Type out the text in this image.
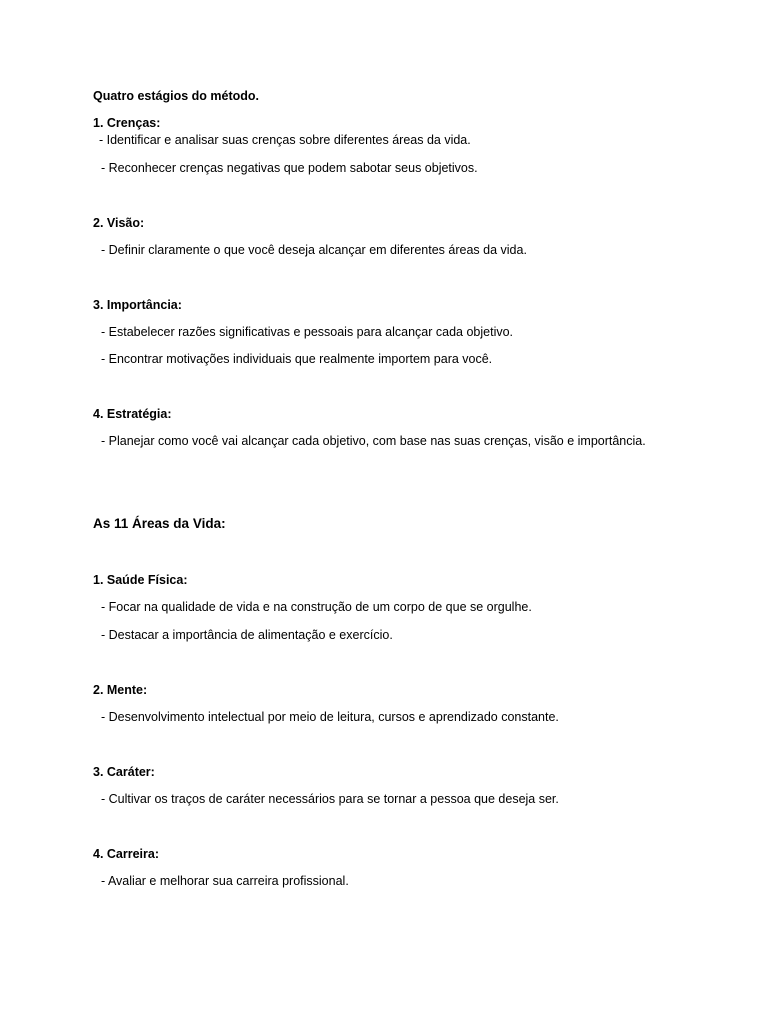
Quatro estágios do método.
1. Crenças:
- Identificar e analisar suas crenças sobre diferentes áreas da vida.
- Reconhecer crenças negativas que podem sabotar seus objetivos.
2. Visão:
- Definir claramente o que você deseja alcançar em diferentes áreas da vida.
3. Importância:
- Estabelecer razões significativas e pessoais para alcançar cada objetivo.
- Encontrar motivações individuais que realmente importem para você.
4. Estratégia:
- Planejar como você vai alcançar cada objetivo, com base nas suas crenças, visão e importância.
As 11 Áreas da Vida:
1. Saúde Física:
- Focar na qualidade de vida e na construção de um corpo de que se orgulhe.
- Destacar a importância de alimentação e exercício.
2. Mente:
- Desenvolvimento intelectual por meio de leitura, cursos e aprendizado constante.
3. Caráter:
- Cultivar os traços de caráter necessários para se tornar a pessoa que deseja ser.
4. Carreira:
- Avaliar e melhorar sua carreira profissional.
